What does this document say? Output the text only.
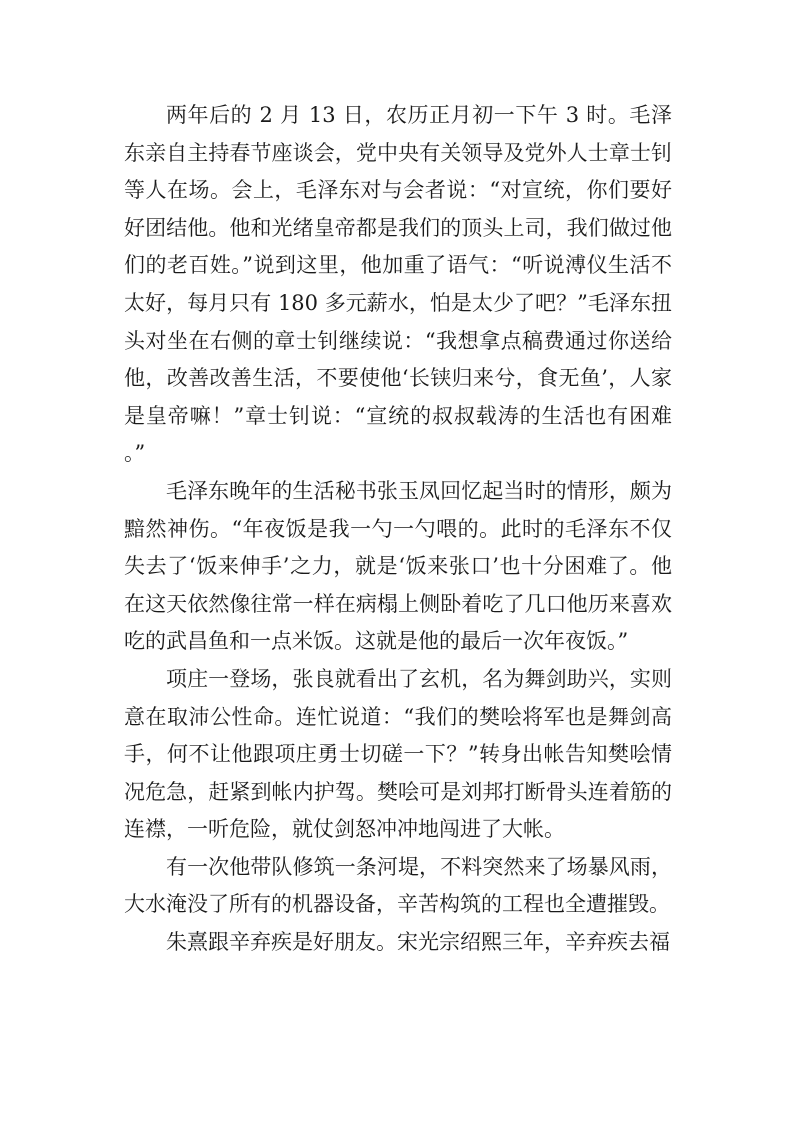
两年后的 2 月 13 日，农历正月初一下午 3 时。毛泽东亲自主持春节座谈会，党中央有关领导及党外人士章士钊等人在场。会上，毛泽东对与会者说：“对宣统，你们要好好团结他。他和光绪皇帝都是我们的顶头上司，我们做过他们的老百姓。”说到这里，他加重了语气：“听说溥仪生活不太好，每月只有 180 多元薪水，怕是太少了吧？”毛泽东扭头对坐在右侧的章士钊继续说：“我想拿点稿费通过你送给他，改善改善生活，不要使他‘长铗归来兮，食无鱼’，人家是皇帝嘛！”章士钊说：“宣统的叔叔载涛的生活也有困难 。”

毛泽东晚年的生活秘书张玉凤回忆起当时的情形，颇为黯然神伤。“年夜饭是我一勺一勺喂的。此时的毛泽东不仅失去了‘饭来伸手’之力，就是‘饭来张口’也十分困难了。他在这天依然像往常一样在病榻上侧卧着吃了几口他历来喜欢吃的武昌鱼和一点米饭。这就是他的最后一次年夜饭。”

项庄一登场，张良就看出了玄机，名为舞剑助兴，实则意在取沛公性命。连忙说道：“我们的樊哙将军也是舞剑高手，何不让他跟项庄勇士切磋一下？”转身出帐告知樊哙情况危急，赶紧到帐内护驾。樊哙可是刘邦打断骨头连着筋的连襟，一听危险，就仗剑怒冲冲地闯进了大帐。

有一次他带队修筑一条河堤，不料突然来了场暴风雨，大水淹没了所有的机器设备，辛苦构筑的工程也全遭摧毁。

朱熹跟辛弃疾是好朋友。宋光宗绍熙三年，辛弃疾去福
